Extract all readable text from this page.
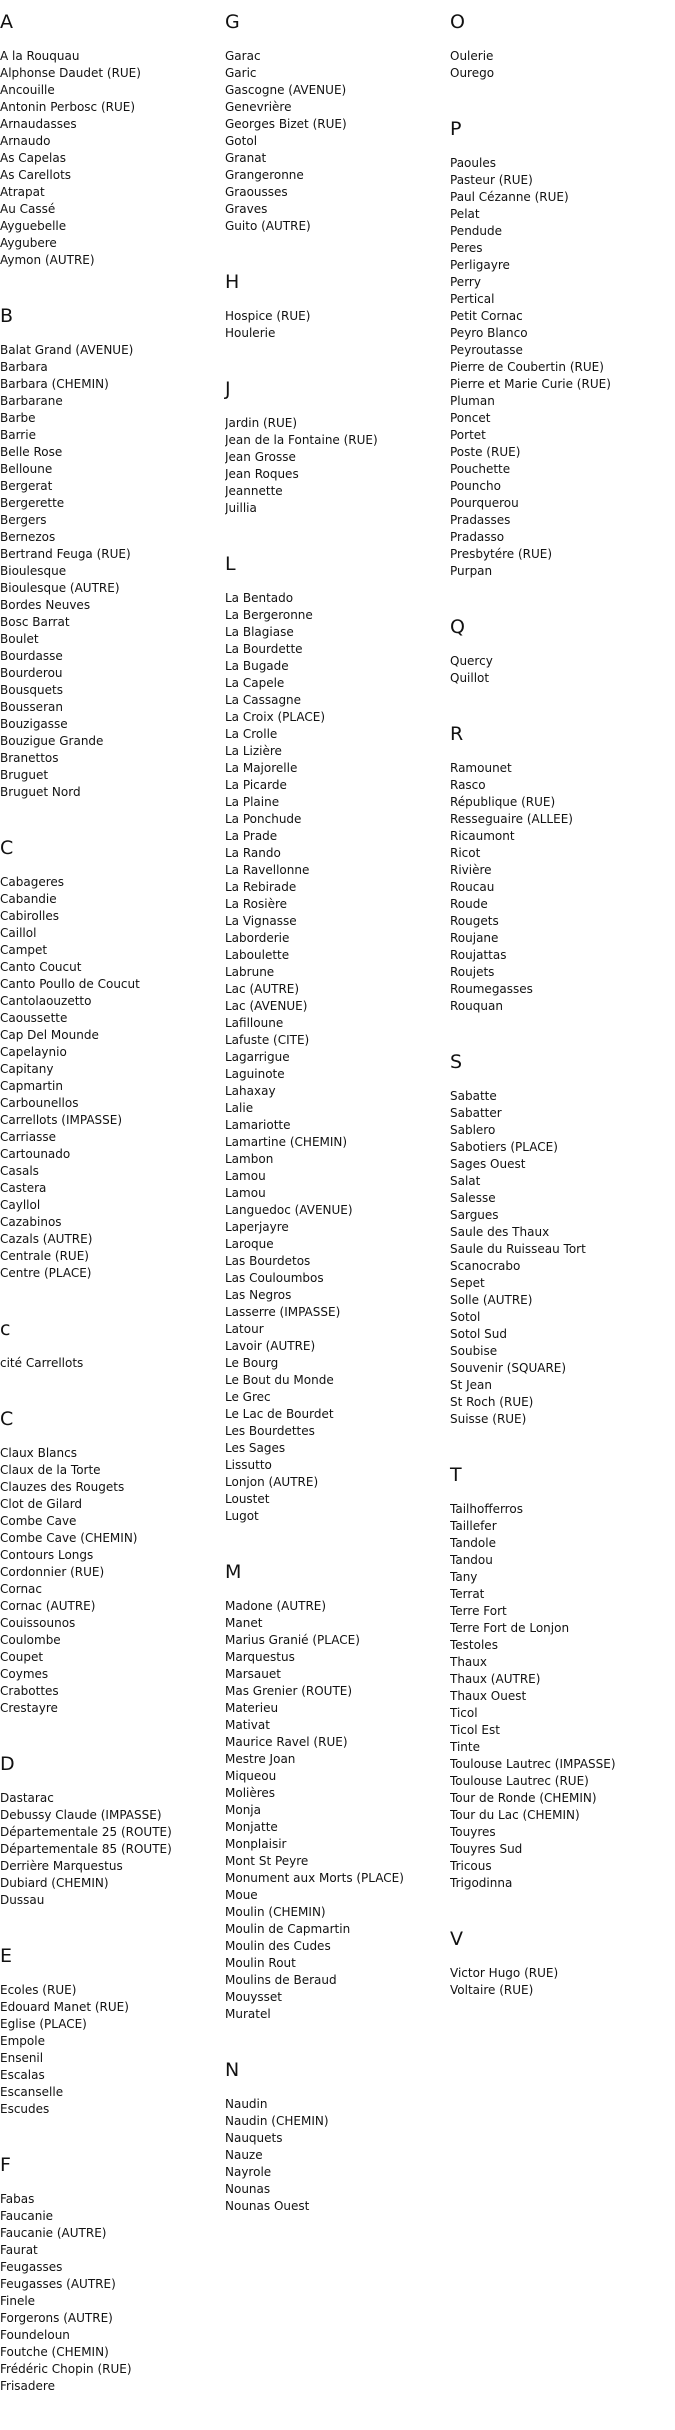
A
A la Rouquau
Alphonse Daudet (RUE)
Ancouille
Antonin Perbosc (RUE)
Arnaudasses
Arnaudo
As Capelas
As Carellots
Atrapat
Au Cassé
Ayguebelle
Aygubere
Aymon (AUTRE)
B
Balat Grand (AVENUE)
Barbara
Barbara (CHEMIN)
Barbarane
Barbe
Barrie
Belle Rose
Belloune
Bergerat
Bergerette
Bergers
Bernezos
Bertrand Feuga (RUE)
Bioulesque
Bioulesque (AUTRE)
Bordes Neuves
Bosc Barrat
Boulet
Bourdasse
Bourderou
Bousquets
Bousseran
Bouzigasse
Bouzigue Grande
Branettos
Bruguet
Bruguet Nord
C
Cabageres
Cabandie
Cabirolles
Caillol
Campet
Canto Coucut
Canto Poullo de Coucut
Cantolaouzetto
Caoussette
Cap Del Mounde
Capelaynio
Capitany
Capmartin
Carbounellos
Carrellots (IMPASSE)
Carriasse
Cartounado
Casals
Castera
Cayllol
Cazabinos
Cazals (AUTRE)
Centrale (RUE)
Centre (PLACE)
c
cité Carrellots
C
Claux Blancs
Claux de la Torte
Clauzes des Rougets
Clot de Gilard
Combe Cave
Combe Cave (CHEMIN)
Contours Longs
Cordonnier (RUE)
Cornac
Cornac (AUTRE)
Couissounos
Coulombe
Coupet
Coymes
Crabottes
Crestayre
D
Dastarac
Debussy Claude (IMPASSE)
Départementale 25 (ROUTE)
Départementale 85 (ROUTE)
Derrière Marquestus
Dubiard (CHEMIN)
Dussau
E
Ecoles (RUE)
Edouard Manet (RUE)
Eglise (PLACE)
Empole
Ensenil
Escalas
Escanselle
Escudes
F
Fabas
Faucanie
Faucanie (AUTRE)
Faurat
Feugasses
Feugasses (AUTRE)
Finele
Forgerons (AUTRE)
Foundeloun
Foutche (CHEMIN)
Frédéric Chopin (RUE)
Frisadere
G
Garac
Garic
Gascogne (AVENUE)
Genevrière
Georges Bizet (RUE)
Gotol
Granat
Grangeronne
Graousses
Graves
Guito (AUTRE)
H
Hospice (RUE)
Houlerie
J
Jardin (RUE)
Jean de la Fontaine (RUE)
Jean Grosse
Jean Roques
Jeannette
Juillia
L
La Bentado
La Bergeronne
La Blagiase
La Bourdette
La Bugade
La Capele
La Cassagne
La Croix (PLACE)
La Crolle
La Lizière
La Majorelle
La Picarde
La Plaine
La Ponchude
La Prade
La Rando
La Ravellonne
La Rebirade
La Rosière
La Vignasse
Laborderie
Laboulette
Labrune
Lac (AUTRE)
Lac (AVENUE)
Lafilloune
Lafuste (CITE)
Lagarrigue
Laguinote
Lahaxay
Lalie
Lamariotte
Lamartine (CHEMIN)
Lambon
Lamou
Lamou
Languedoc (AVENUE)
Laperjayre
Laroque
Las Bourdetos
Las Couloumbos
Las Negros
Lasserre (IMPASSE)
Latour
Lavoir (AUTRE)
Le Bourg
Le Bout du Monde
Le Grec
Le Lac de Bourdet
Les Bourdettes
Les Sages
Lissutto
Lonjon (AUTRE)
Loustet
Lugot
M
Madone (AUTRE)
Manet
Marius Granié (PLACE)
Marquestus
Marsauet
Mas Grenier (ROUTE)
Materieu
Mativat
Maurice Ravel (RUE)
Mestre Joan
Miqueou
Molières
Monja
Monjatte
Monplaisir
Mont St Peyre
Monument aux Morts (PLACE)
Moue
Moulin (CHEMIN)
Moulin de Capmartin
Moulin des Cudes
Moulin Rout
Moulins de Beraud
Mouysset
Muratel
N
Naudin
Naudin (CHEMIN)
Nauquets
Nauze
Nayrole
Nounas
Nounas Ouest
O
Oulerie
Ourego
P
Paoules
Pasteur (RUE)
Paul Cézanne (RUE)
Pelat
Pendude
Peres
Perligayre
Perry
Pertical
Petit Cornac
Peyro Blanco
Peyroutasse
Pierre de Coubertin (RUE)
Pierre et Marie Curie (RUE)
Pluman
Poncet
Portet
Poste (RUE)
Pouchette
Pouncho
Pourquerou
Pradasses
Pradasso
Presbytére (RUE)
Purpan
Q
Quercy
Quillot
R
Ramounet
Rasco
République (RUE)
Resseguaire (ALLEE)
Ricaumont
Ricot
Rivière
Roucau
Roude
Rougets
Roujane
Roujattas
Roujets
Roumegasses
Rouquan
S
Sabatte
Sabatter
Sablero
Sabotiers (PLACE)
Sages Ouest
Salat
Salesse
Sargues
Saule des Thaux
Saule du Ruisseau Tort
Scanocrabo
Sepet
Solle (AUTRE)
Sotol
Sotol Sud
Soubise
Souvenir (SQUARE)
St Jean
St Roch (RUE)
Suisse (RUE)
T
Tailhofferros
Taillefer
Tandole
Tandou
Tany
Terrat
Terre Fort
Terre Fort de Lonjon
Testoles
Thaux
Thaux (AUTRE)
Thaux Ouest
Ticol
Ticol Est
Tinte
Toulouse Lautrec (IMPASSE)
Toulouse Lautrec (RUE)
Tour de Ronde (CHEMIN)
Tour du Lac (CHEMIN)
Touyres
Touyres Sud
Tricous
Trigodinna
V
Victor Hugo (RUE)
Voltaire (RUE)
